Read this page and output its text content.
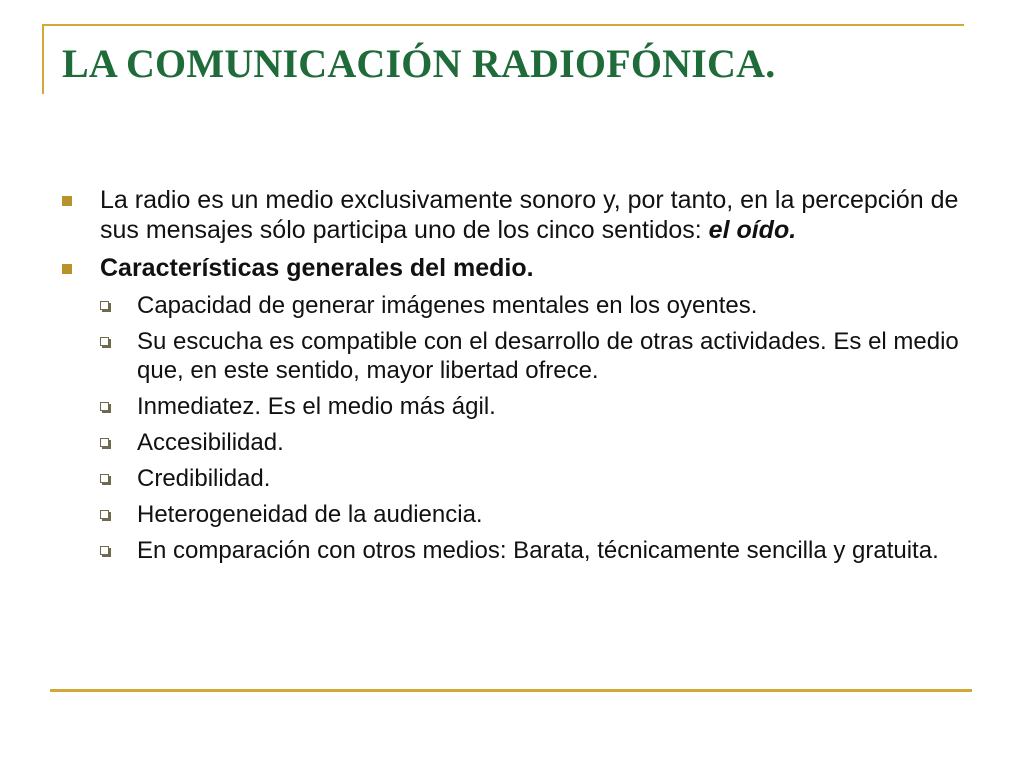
LA COMUNICACIÓN RADIOFÓNICA.
La radio es un medio exclusivamente sonoro y, por tanto, en la percepción de sus mensajes sólo participa uno de los cinco sentidos: el oído.
Características generales del medio.
Capacidad de generar imágenes mentales en los oyentes.
Su escucha es compatible con el desarrollo de otras actividades. Es el medio que, en este sentido, mayor libertad ofrece.
Inmediatez. Es el medio más ágil.
Accesibilidad.
Credibilidad.
Heterogeneidad de la audiencia.
En comparación con otros medios: Barata, técnicamente sencilla y gratuita.
